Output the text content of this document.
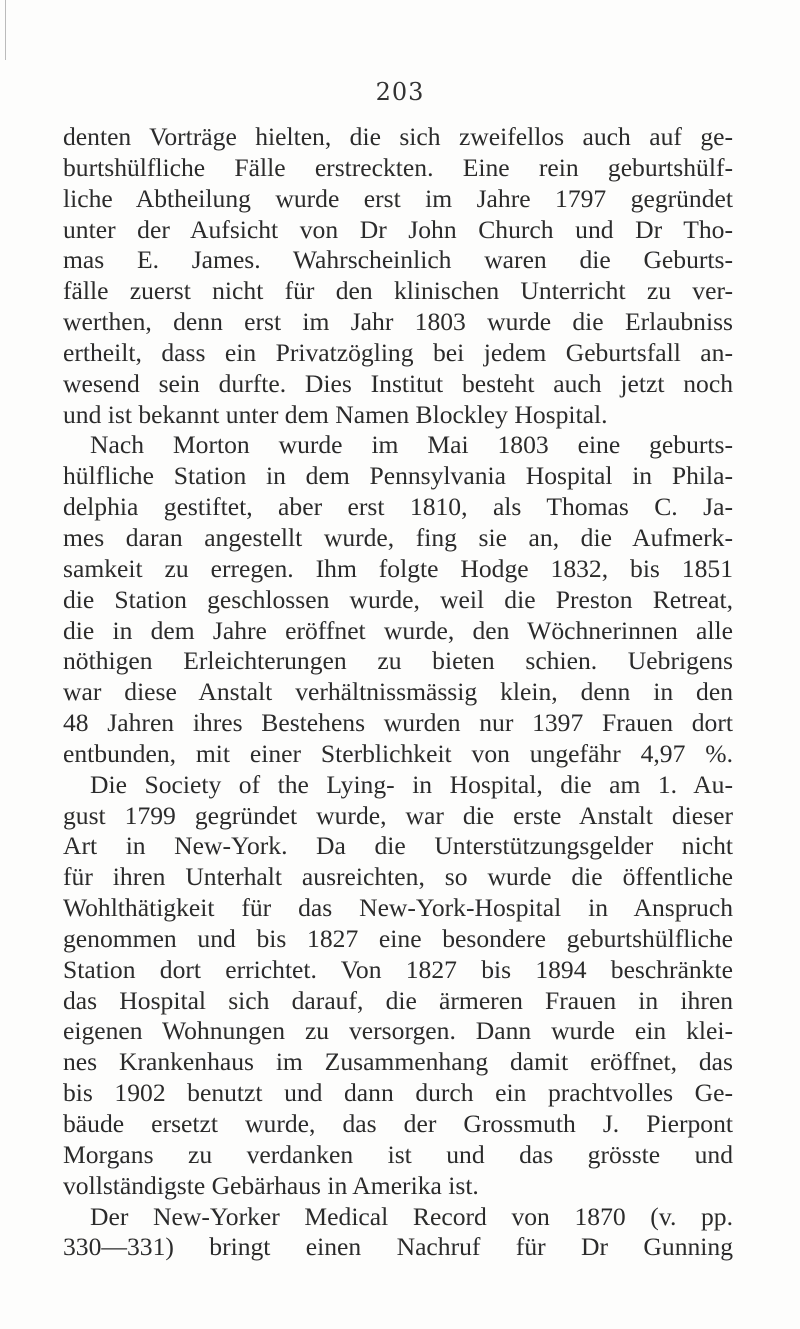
203
denten Vorträge hielten, die sich zweifellos auch auf ge-
burtshülfliche Fälle erstreckten. Eine rein geburtshülf-
liche Abtheilung wurde erst im Jahre 1797 gegründet
unter der Aufsicht von Dr John Church und Dr Tho-
mas E. James. Wahrscheinlich waren die Geburts-
fälle zuerst nicht für den klinischen Unterricht zu ver-
werthen, denn erst im Jahr 1803 wurde die Erlaubniss
ertheilt, dass ein Privatzögling bei jedem Geburtsfall an-
wesend sein durfte. Dies Institut besteht auch jetzt noch
und ist bekannt unter dem Namen Blockley Hospital.
Nach Morton wurde im Mai 1803 eine geburts-
hülfliche Station in dem Pennsylvania Hospital in Phila-
delphia gestiftet, aber erst 1810, als Thomas C. Ja-
mes daran angestellt wurde, fing sie an, die Aufmerk-
samkeit zu erregen. Ihm folgte Hodge 1832, bis 1851
die Station geschlossen wurde, weil die Preston Retreat,
die in dem Jahre eröffnet wurde, den Wöchnerinnen alle
nöthigen Erleichterungen zu bieten schien. Uebrigens
war diese Anstalt verhältnissmässig klein, denn in den
48 Jahren ihres Bestehens wurden nur 1397 Frauen dort
entbunden, mit einer Sterblichkeit von ungefähr 4,97 %.
Die Society of the Lying- in Hospital, die am 1. Au-
gust 1799 gegründet wurde, war die erste Anstalt dieser
Art in New-York. Da die Unterstützungsgelder nicht
für ihren Unterhalt ausreichten, so wurde die öffentliche
Wohlthätigkeit für das New-York-Hospital in Anspruch
genommen und bis 1827 eine besondere geburtshülfliche
Station dort errichtet. Von 1827 bis 1894 beschränkte
das Hospital sich darauf, die ärmeren Frauen in ihren
eigenen Wohnungen zu versorgen. Dann wurde ein klei-
nes Krankenhaus im Zusammenhang damit eröffnet, das
bis 1902 benutzt und dann durch ein prachtvolles Ge-
bäude ersetzt wurde, das der Grossmuth J. Pierpont
Morgans zu verdanken ist und das grösste und
vollständigste Gebärhaus in Amerika ist.
Der New-Yorker Medical Record von 1870 (v. pp.
330—331) bringt einen Nachruf für Dr Gunning
